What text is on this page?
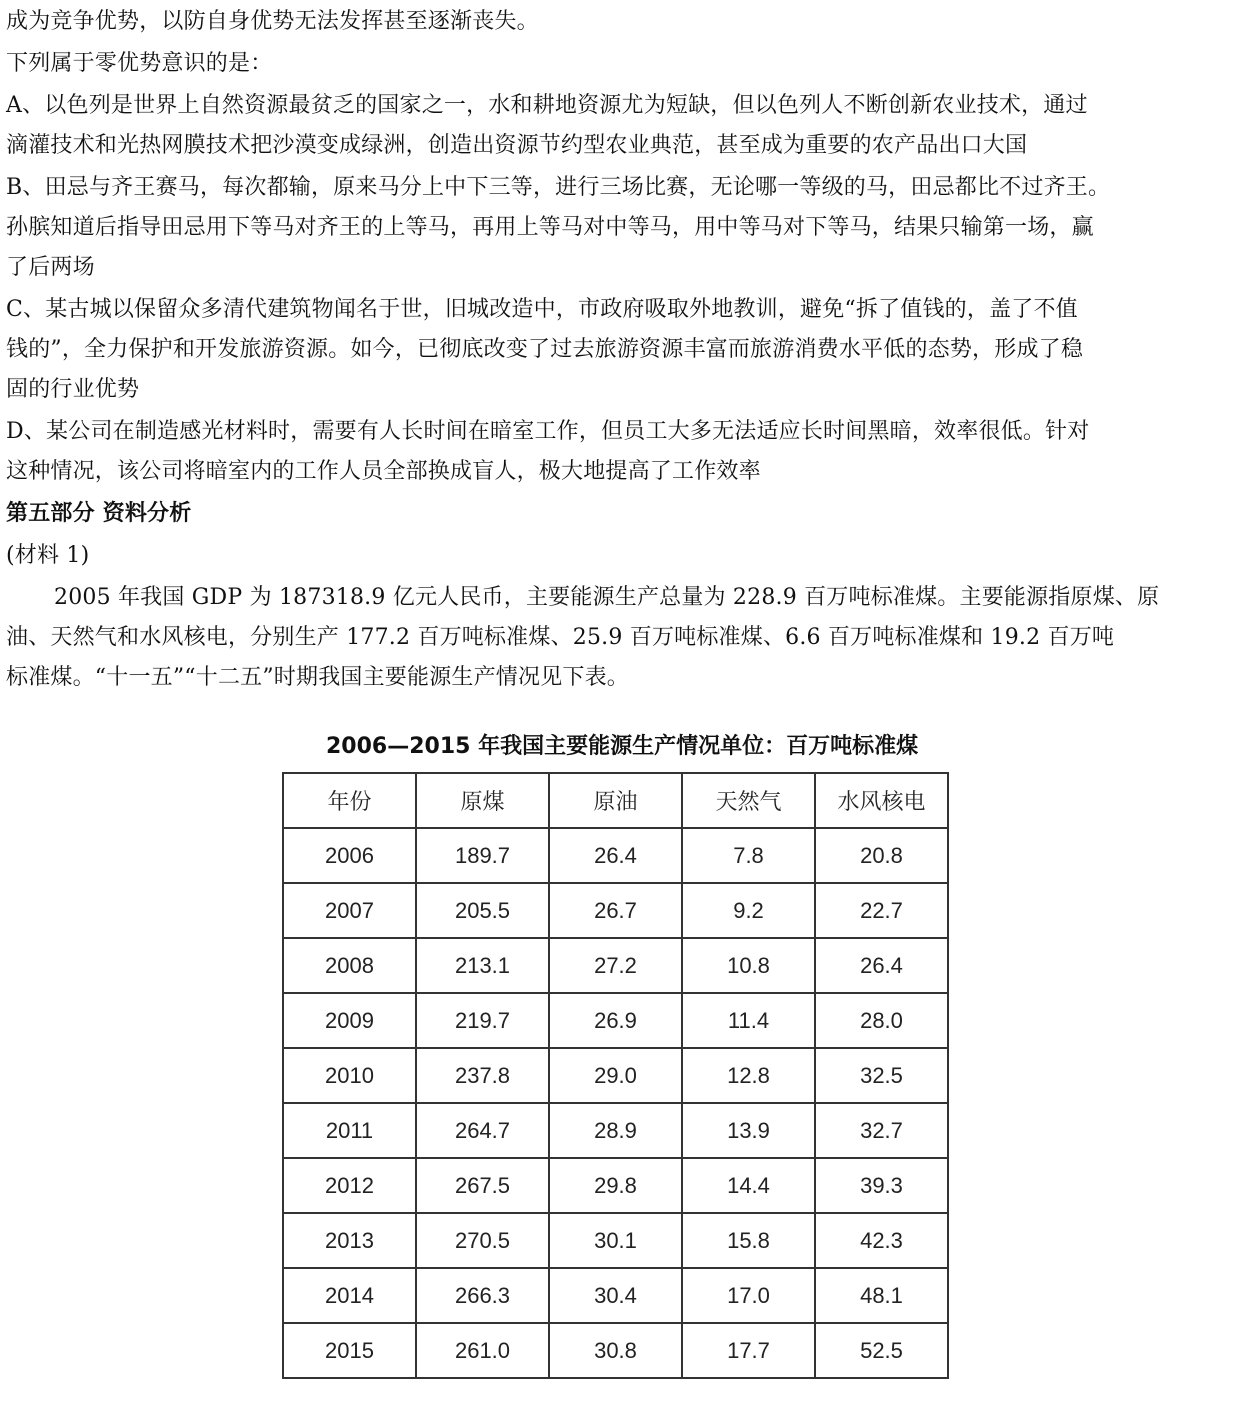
成为竞争优势，以防自身优势无法发挥甚至逐渐丧失。
下列属于零优势意识的是：
A、以色列是世界上自然资源最贫乏的国家之一，水和耕地资源尤为短缺，但以色列人不断创新农业技术，通过
滴灌技术和光热网膜技术把沙漠变成绿洲，创造出资源节约型农业典范，甚至成为重要的农产品出口大国
B、田忌与齐王赛马，每次都输，原来马分上中下三等，进行三场比赛，无论哪一等级的马，田忌都比不过齐王。
孙膑知道后指导田忌用下等马对齐王的上等马，再用上等马对中等马，用中等马对下等马，结果只输第一场，赢
了后两场
C、某古城以保留众多清代建筑物闻名于世，旧城改造中，市政府吸取外地教训，避免“拆了值钱的，盖了不值
钱的”，全力保护和开发旅游资源。如今，已彻底改变了过去旅游资源丰富而旅游消费水平低的态势，形成了稳
固的行业优势
D、某公司在制造感光材料时，需要有人长时间在暗室工作，但员工大多无法适应长时间黑暗，效率很低。针对
这种情况，该公司将暗室内的工作人员全部换成盲人，极大地提高了工作效率
第五部分 资料分析
(材料 1)
2005 年我国 GDP 为 187318.9 亿元人民币，主要能源生产总量为 228.9 百万吨标准煤。主要能源指原煤、原
油、天然气和水风核电，分别生产 177.2 百万吨标准煤、25.9 百万吨标准煤、6.6 百万吨标准煤和 19.2 百万吨
标准煤。“十一五”“十二五”时期我国主要能源生产情况见下表。
2006—2015 年我国主要能源生产情况单位：百万吨标准煤
年份	原煤	原油	天然气	水风核电
2006	189.7	26.4	7.8	20.8
2007	205.5	26.7	9.2	22.7
2008	213.1	27.2	10.8	26.4
2009	219.7	26.9	11.4	28.0
2010	237.8	29.0	12.8	32.5
2011	264.7	28.9	13.9	32.7
2012	267.5	29.8	14.4	39.3
2013	270.5	30.1	15.8	42.3
2014	266.3	30.4	17.0	48.1
2015	261.0	30.8	17.7	52.5
